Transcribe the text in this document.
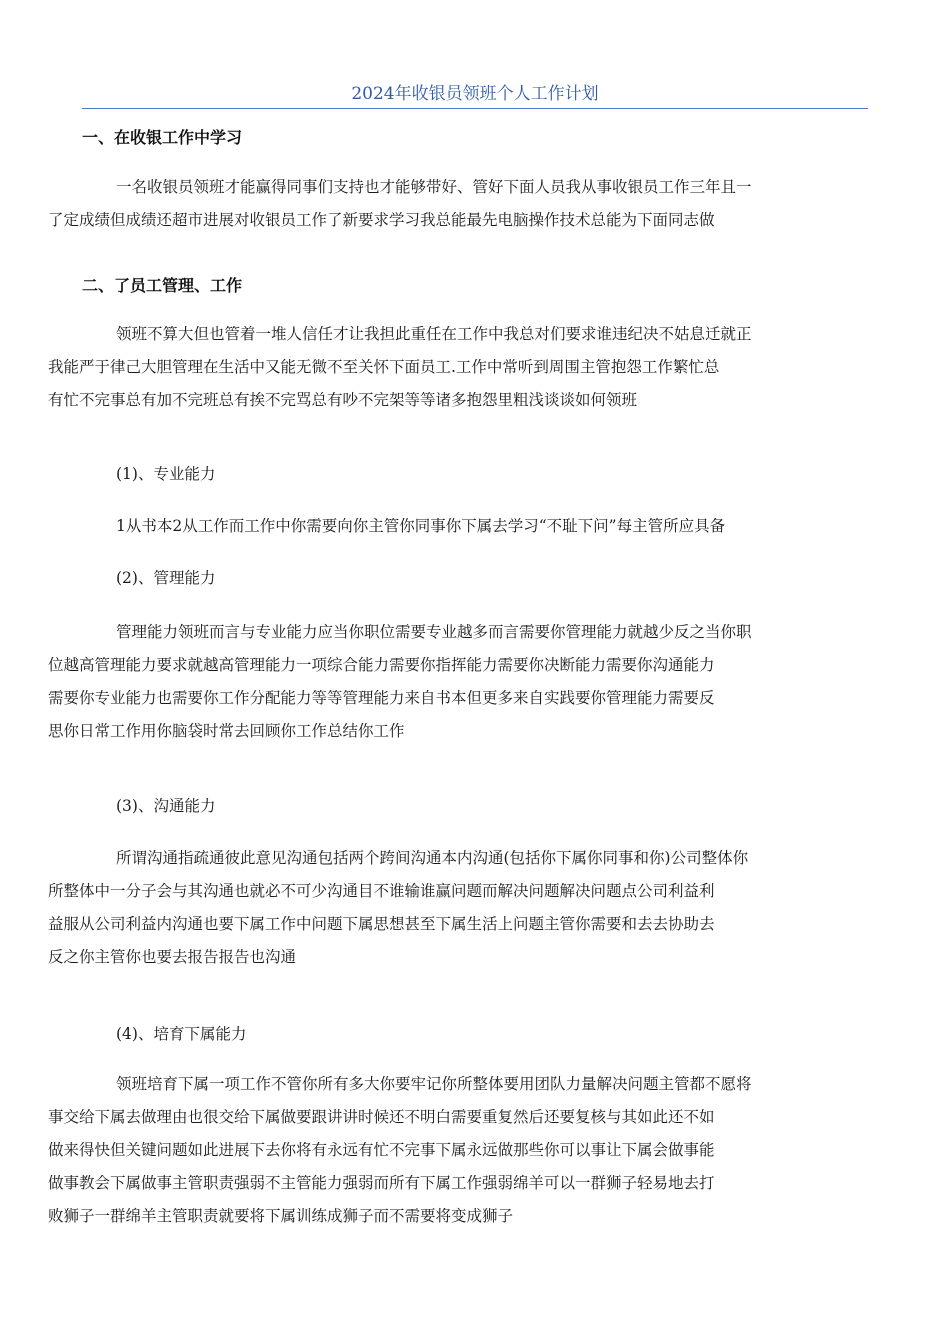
2024年收银员领班个人工作计划
一、在收银工作中学习
一名收银员领班才能赢得同事们支持也才能够带好、管好下面人员我从事收银员工作三年且一
了定成绩但成绩还超市进展对收银员工作了新要求学习我总能最先电脑操作技术总能为下面同志做
二、了员工管理、工作
领班不算大但也管着一堆人信任才让我担此重任在工作中我总对们要求谁违纪决不姑息迁就正
我能严于律己大胆管理在生活中又能无微不至关怀下面员工.工作中常听到周围主管抱怨工作繁忙总
有忙不完事总有加不完班总有挨不完骂总有吵不完架等等诸多抱怨里粗浅谈谈如何领班
(1)、专业能力
1从书本2从工作而工作中你需要向你主管你同事你下属去学习“不耻下问”每主管所应具备
(2)、管理能力
管理能力领班而言与专业能力应当你职位需要专业越多而言需要你管理能力就越少反之当你职
位越高管理能力要求就越高管理能力一项综合能力需要你指挥能力需要你决断能力需要你沟通能力
需要你专业能力也需要你工作分配能力等等管理能力来自书本但更多来自实践要你管理能力需要反
思你日常工作用你脑袋时常去回顾你工作总结你工作
(3)、沟通能力
所谓沟通指疏通彼此意见沟通包括两个跨间沟通本内沟通(包括你下属你同事和你)公司整体你
所整体中一分子会与其沟通也就必不可少沟通目不谁输谁赢问题而解决问题解决问题点公司利益利
益服从公司利益内沟通也要下属工作中问题下属思想甚至下属生活上问题主管你需要和去去协助去
反之你主管你也要去报告报告也沟通
(4)、培育下属能力
领班培育下属一项工作不管你所有多大你要牢记你所整体要用团队力量解决问题主管都不愿将
事交给下属去做理由也很交给下属做要跟讲讲时候还不明白需要重复然后还要复核与其如此还不如
做来得快但关键问题如此进展下去你将有永远有忙不完事下属永远做那些你可以事让下属会做事能
做事教会下属做事主管职责强弱不主管能力强弱而所有下属工作强弱绵羊可以一群狮子轻易地去打
败狮子一群绵羊主管职责就要将下属训练成狮子而不需要将变成狮子
